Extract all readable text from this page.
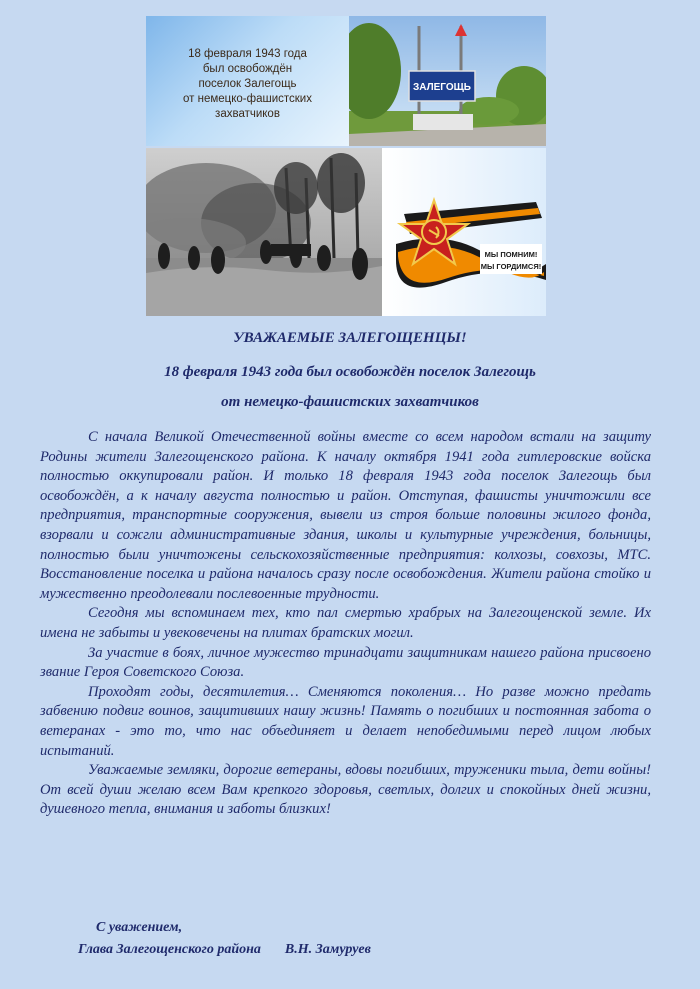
18 февраля 1943 года
был освобождён
поселок Залегощь
от немецко-фашистских
захватчиков
ЗАЛЕГОЩЬ
МЫ ПОМНИМ!
МЫ ГОРДИМСЯ!
УВАЖАЕМЫЕ ЗАЛЕГОЩЕНЦЫ!
18 февраля 1943 года был освобождён поселок Залегощь
от немецко-фашистских захватчиков

С начала Великой Отечественной войны вместе со всем народом встали на защиту Родины жители Залегощенского района. К началу октября 1941 года гитлеровские войска полностью оккупировали район. И только 18 февраля 1943 года поселок Залегощь был освобождён, а к началу августа полностью и район. Отступая, фашисты уничтожили все предприятия, транспортные сооружения, вывели из строя больше половины жилого фонда, взорвали и сожгли административные здания, школы и культурные учреждения, больницы, полностью были уничтожены сельскохозяйственные предприятия: колхозы, совхозы, МТС. Восстановление поселка и района началось сразу после освобождения. Жители района стойко и мужественно преодолевали послевоенные трудности.

Сегодня мы вспоминаем тех, кто пал смертью храбрых на Залегощенской земле. Их имена не забыты и увековечены на плитах братских могил.

За участие в боях, личное мужество тринадцати защитникам нашего района присвоено звание Героя Советского Союза.

Проходят годы, десятилетия… Сменяются поколения… Но разве можно предать забвению подвиг воинов, защитивших нашу жизнь! Память о погибших и постоянная забота о ветеранах - это то, что нас объединяет и делает непобедимыми перед лицом любых испытаний.

Уважаемые земляки, дорогие ветераны, вдовы погибших, труженики тыла, дети войны! От всей души желаю всем Вам крепкого здоровья, светлых, долгих и спокойных дней жизни, душевного тепла, внимания и заботы близких!

С уважением,
Глава Залегощенского района В.Н. Замуруев
